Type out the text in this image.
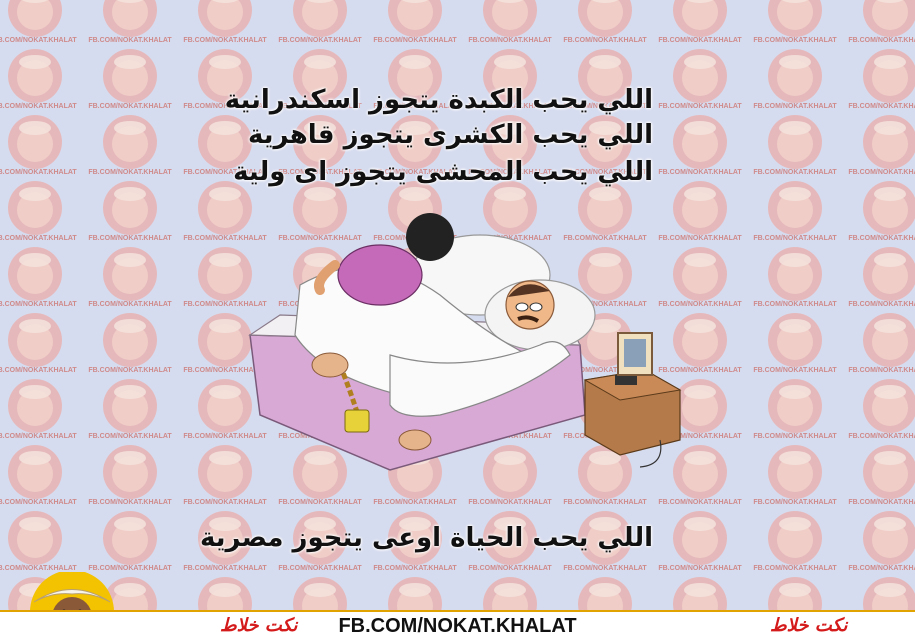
اللي يحب الكبدة يتجوز اسكندرانية
اللي يحب الكشرى يتجوز قاهرية
اللي يحب المحشى يتجوز اى ولية
اللي يحب الحياة اوعى يتجوز مصرية
نكت خلاط	FB.COM/NOKAT.KHALAT	نكت خلاط
